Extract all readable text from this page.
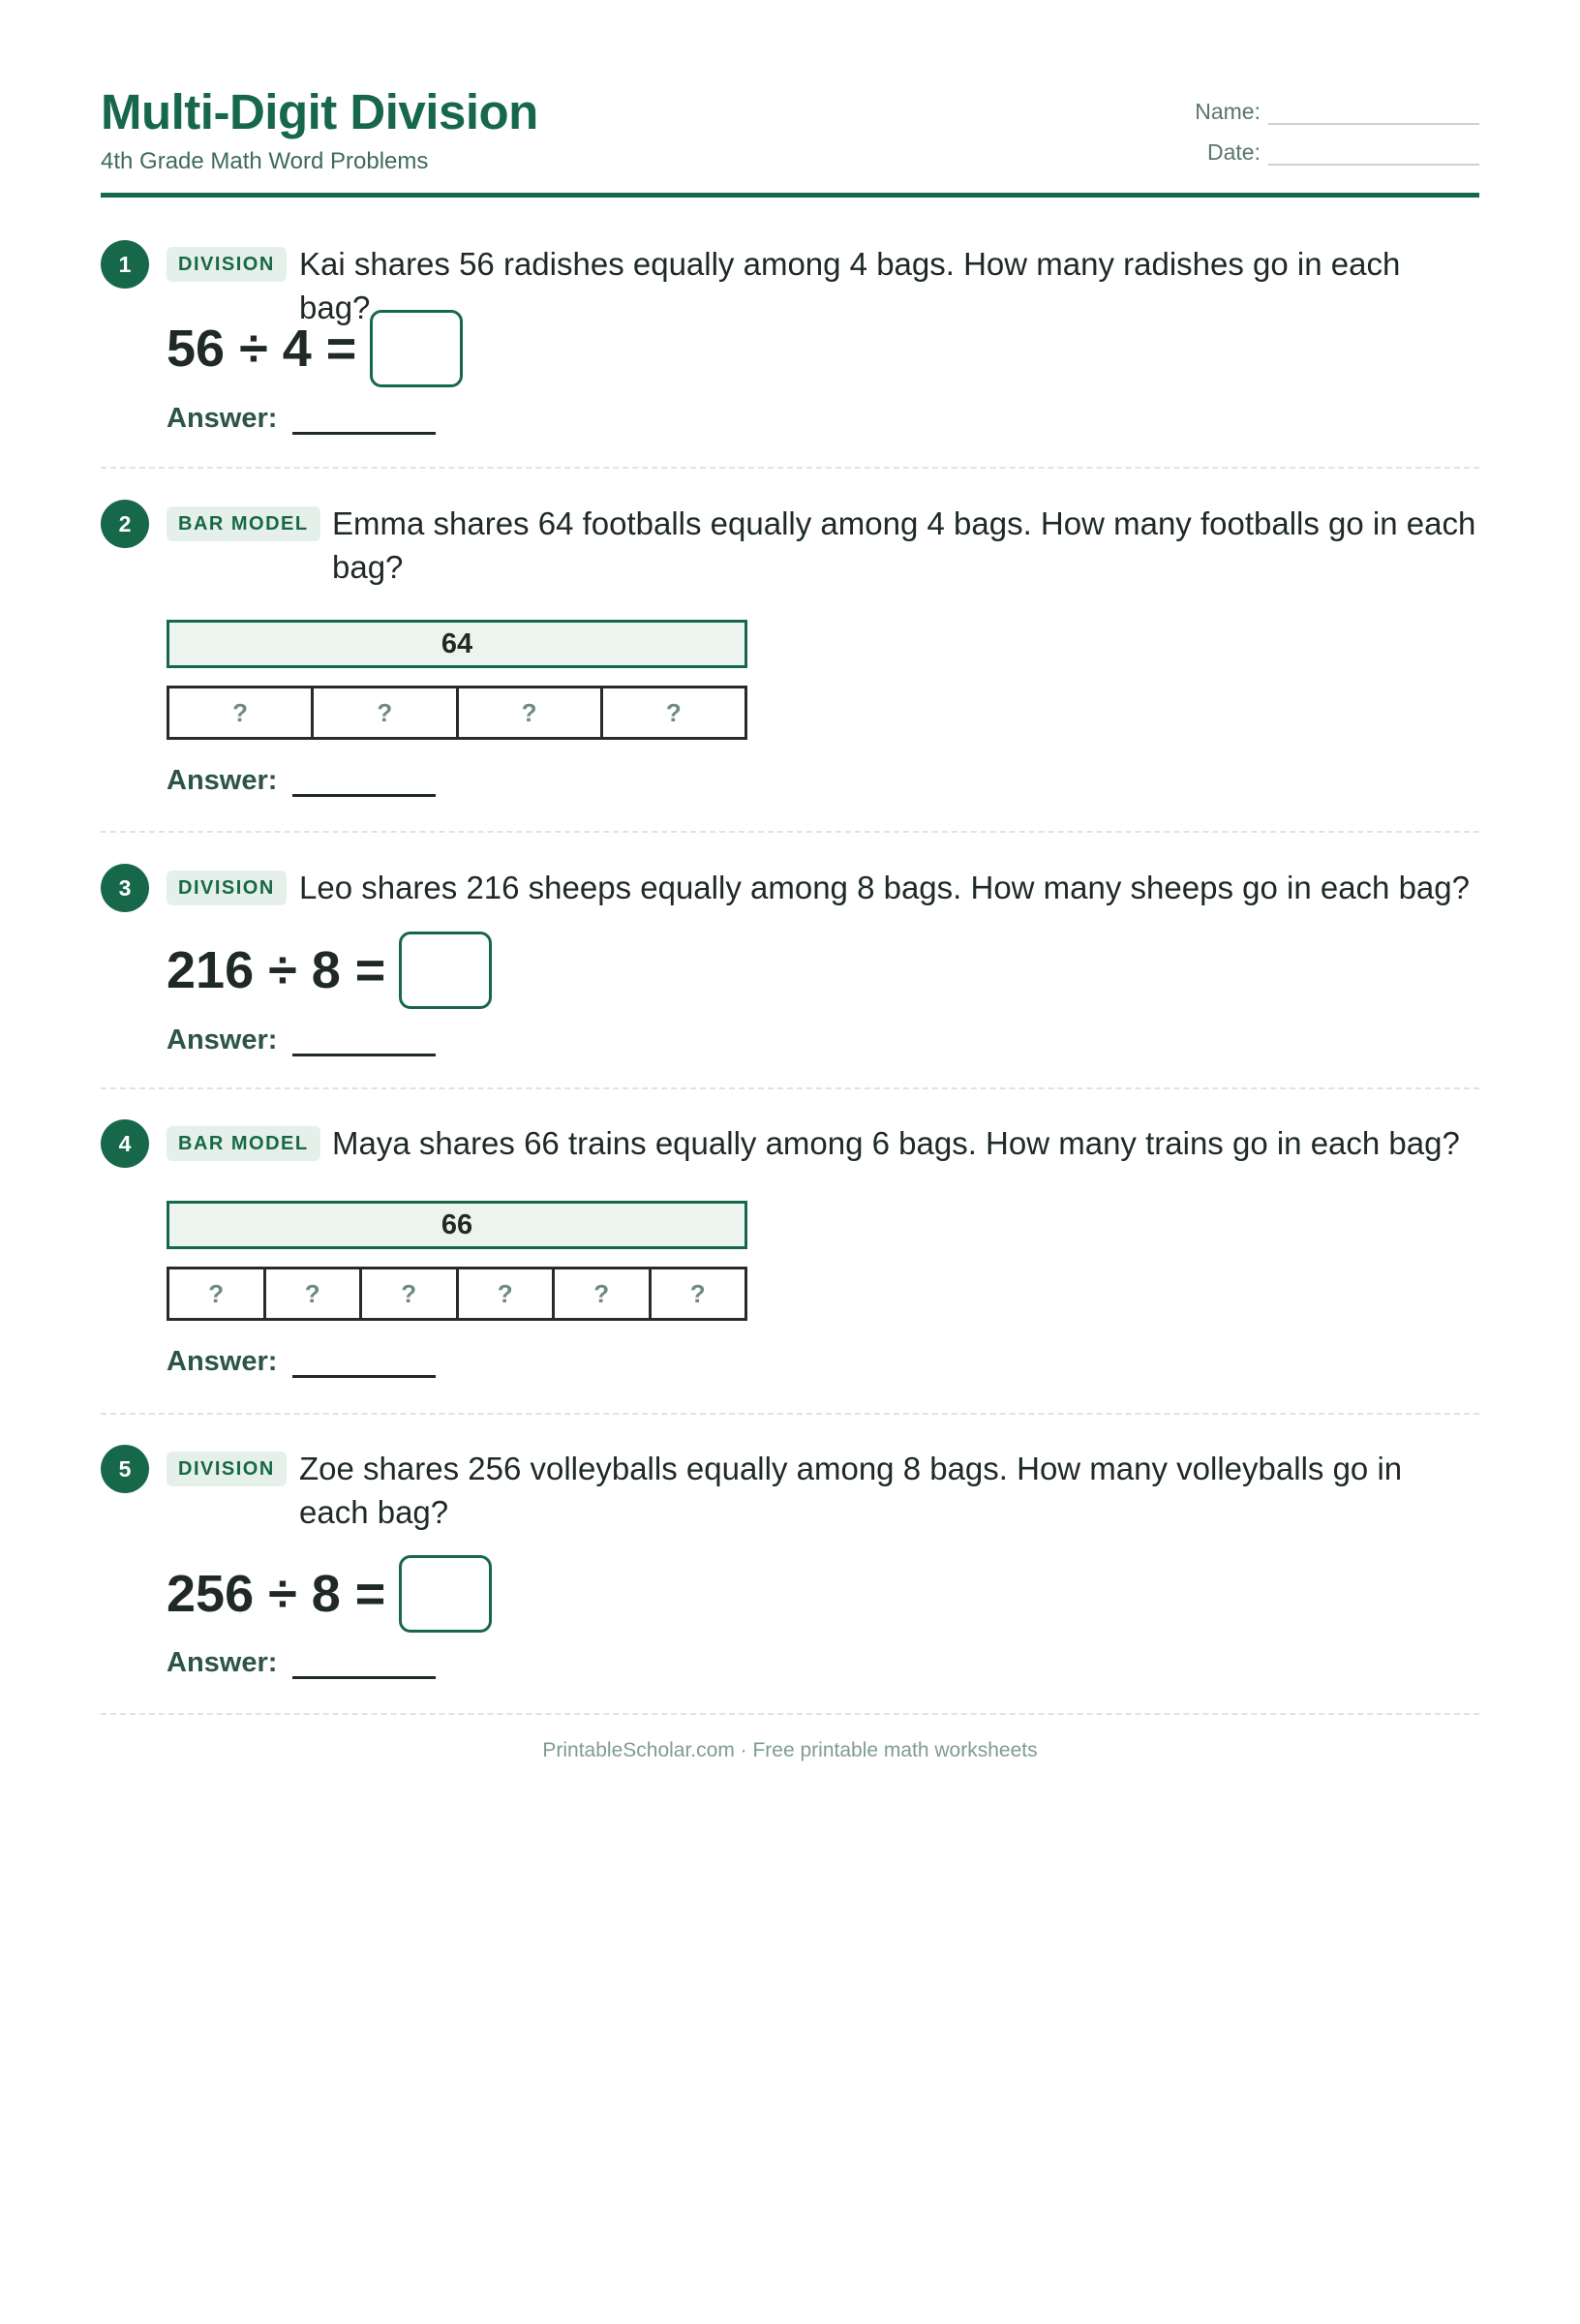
Multi-Digit Division
4th Grade Math Word Problems
Name:
Date:
1	DIVISION Kai shares 56 radishes equally among 4 bags. How many radishes go in each bag?
56 ÷ 4 =
Answer:
2	BAR MODEL Emma shares 64 footballs equally among 4 bags. How many footballs go in each bag?
64
?	?	?	?
Answer:
3	DIVISION Leo shares 216 sheeps equally among 8 bags. How many sheeps go in each bag?
216 ÷ 8 =
Answer:
4	BAR MODEL Maya shares 66 trains equally among 6 bags. How many trains go in each bag?
66
?	?	?	?	?	?
Answer:
5	DIVISION Zoe shares 256 volleyballs equally among 8 bags. How many volleyballs go in each bag?
256 ÷ 8 =
Answer:
PrintableScholar.com · Free printable math worksheets
